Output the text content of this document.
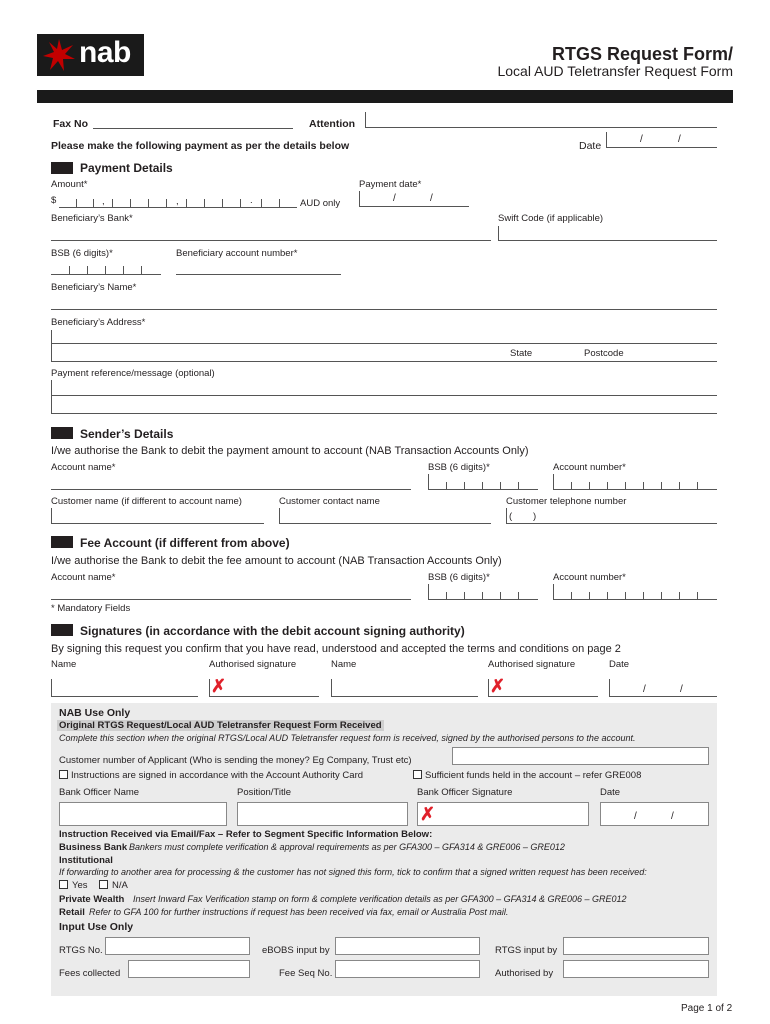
nab	RTGS Request Form/
Local AUD Teletransfer Request Form
Fax No	Attention
Please make the following payment as per the details below	Date
/	/
Payment Details
Amount*
$	,	,	.	AUD only
Payment date*
/	/
Beneficiary’s Bank*	Swift Code (if applicable)
BSB (6 digits)*	Beneficiary account number*
Beneficiary’s Name*
Beneficiary’s Address*
State	Postcode
Payment reference/message (optional)
Sender’s Details
I/we authorise the Bank to debit the payment amount to account (NAB Transaction Accounts Only)
Account name*	BSB (6 digits)*	Account number*
Customer name (if different to account name)	Customer contact name	Customer telephone number
( )
Fee Account (if different from above)
I/we authorise the Bank to debit the fee amount to account (NAB Transaction Accounts Only)
Account name*	BSB (6 digits)*	Account number*
* Mandatory Fields
Signatures (in accordance with the debit account signing authority)
By signing this request you confirm that you have read, understood and accepted the terms and conditions on page 2
Name	Authorised signature	Name	Authorised signature	Date
✗	✗	/	/
NAB Use Only
Original RTGS Request/Local AUD Teletransfer Request Form Received
Complete this section when the original RTGS/Local AUD Teletransfer request form is received, signed by the authorised persons to the account.
Customer number of Applicant (Who is sending the money? Eg Company, Trust etc)
Instructions are signed in accordance with the Account Authority Card	Sufficient funds held in the account – refer GRE008
Bank Officer Name	Position/Title	Bank Officer Signature	Date
✗	/	/
Instruction Received via Email/Fax – Refer to Segment Specific Information Below:
Business Bank Bankers must complete verification & approval requirements as per GFA300 – GFA314 & GRE006 – GRE012
Institutional
If forwarding to another area for processing & the customer has not signed this form, tick to confirm that a signed written request has been received:
Yes	N/A
Private Wealth Insert Inward Fax Verification stamp on form & complete verification details as per GFA300 – GFA314 & GRE006 – GRE012
Retail Refer to GFA 100 for further instructions if request has been received via fax, email or Australia Post mail.
Input Use Only
RTGS No.	eBOBS input by	RTGS input by
Fees collected	Fee Seq No.	Authorised by
Page 1 of 2
